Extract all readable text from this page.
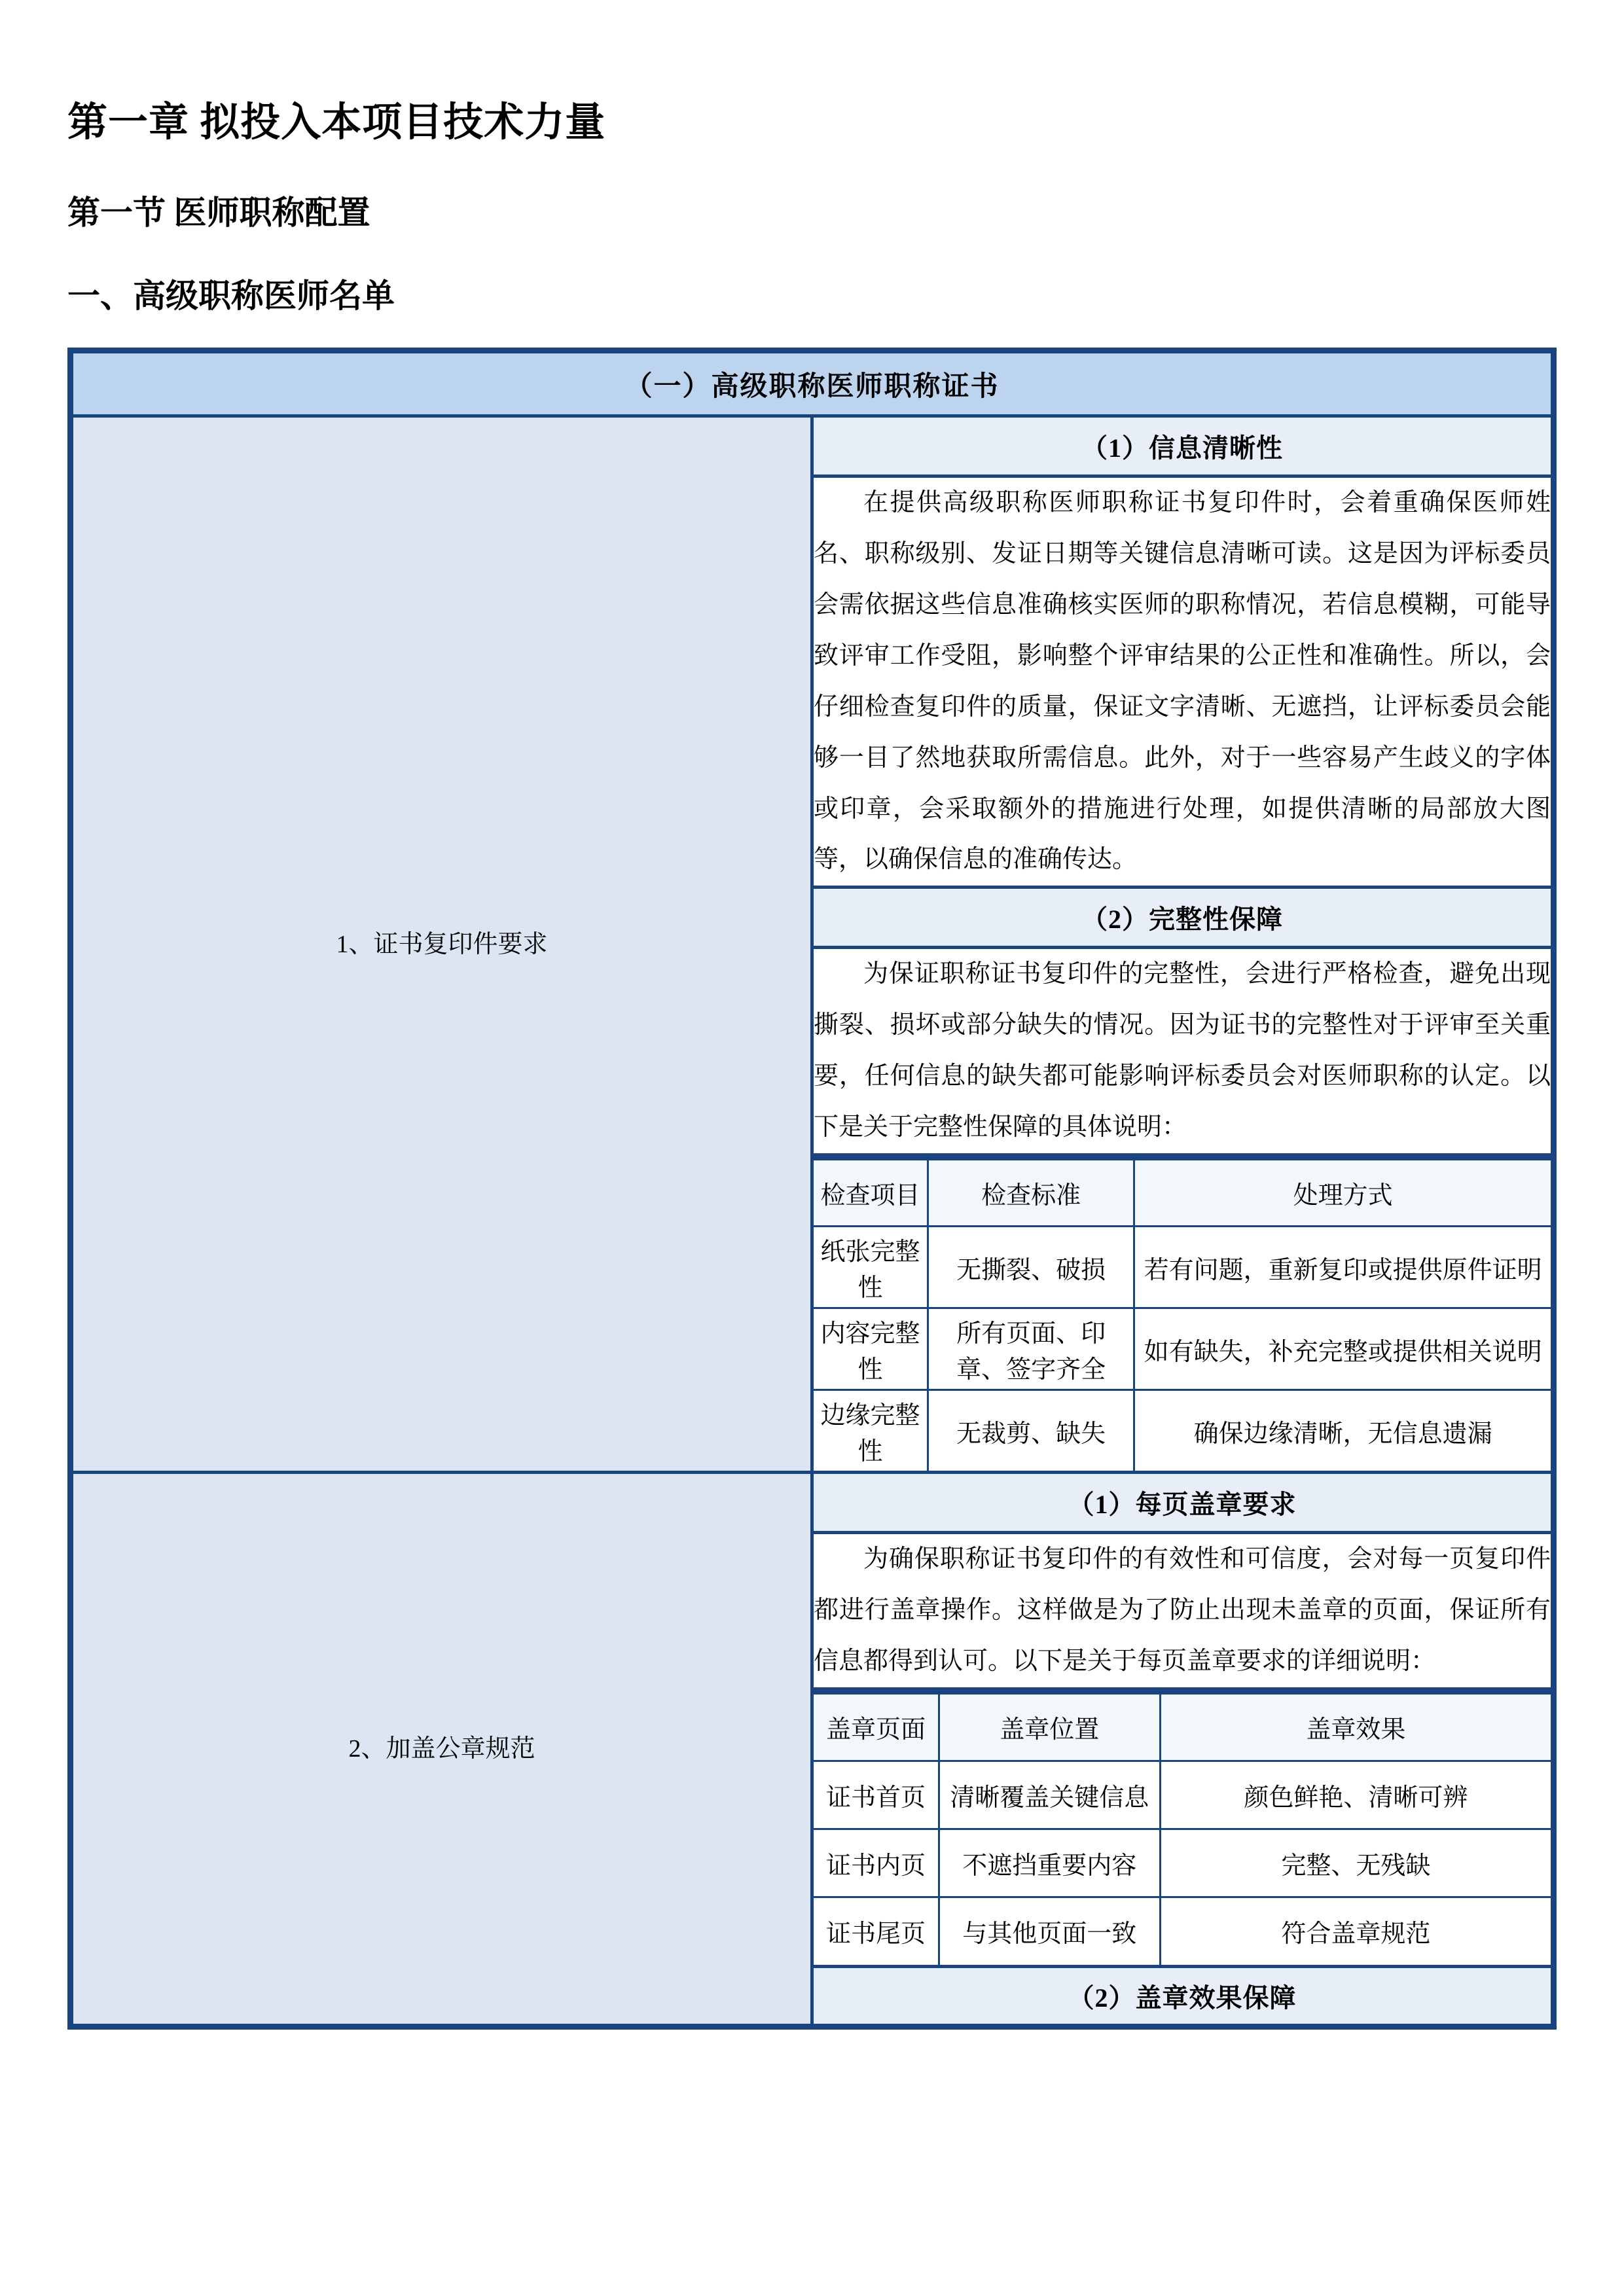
第一章 拟投入本项目技术力量
第一节 医师职称配置
一、高级职称医师名单
（一）高级职称医师职称证书
1、证书复印件要求	（1）信息清晰性

在提供高级职称医师职称证书复印件时，会着重确保医师姓名、职称级别、发证日期等关键信息清晰可读。这是因为评标委员会需依据这些信息准确核实医师的职称情况，若信息模糊，可能导致评审工作受阻，影响整个评审结果的公正性和准确性。所以，会仔细检查复印件的质量，保证文字清晰、无遮挡，让评标委员会能够一目了然地获取所需信息。此外，对于一些容易产生歧义的字体或印章，会采取额外的措施进行处理，如提供清晰的局部放大图等，以确保信息的准确传达。

（2）完整性保障

为保证职称证书复印件的完整性，会进行严格检查，避免出现撕裂、损坏或部分缺失的情况。因为证书的完整性对于评审至关重要，任何信息的缺失都可能影响评标委员会对医师职称的认定。以下是关于完整性保障的具体说明：

检查项目	检查标准	处理方式
纸张完整性	无撕裂、破损	若有问题，重新复印或提供原件证明
内容完整性	所有页面、印章、签字齐全	如有缺失，补充完整或提供相关说明
边缘完整性	无裁剪、缺失	确保边缘清晰，无信息遗漏

2、加盖公章规范	（1）每页盖章要求

为确保职称证书复印件的有效性和可信度，会对每一页复印件都进行盖章操作。这样做是为了防止出现未盖章的页面，保证所有信息都得到认可。以下是关于每页盖章要求的详细说明：

盖章页面	盖章位置	盖章效果
证书首页	清晰覆盖关键信息	颜色鲜艳、清晰可辨
证书内页	不遮挡重要内容	完整、无残缺
证书尾页	与其他页面一致	符合盖章规范

（2）盖章效果保障
